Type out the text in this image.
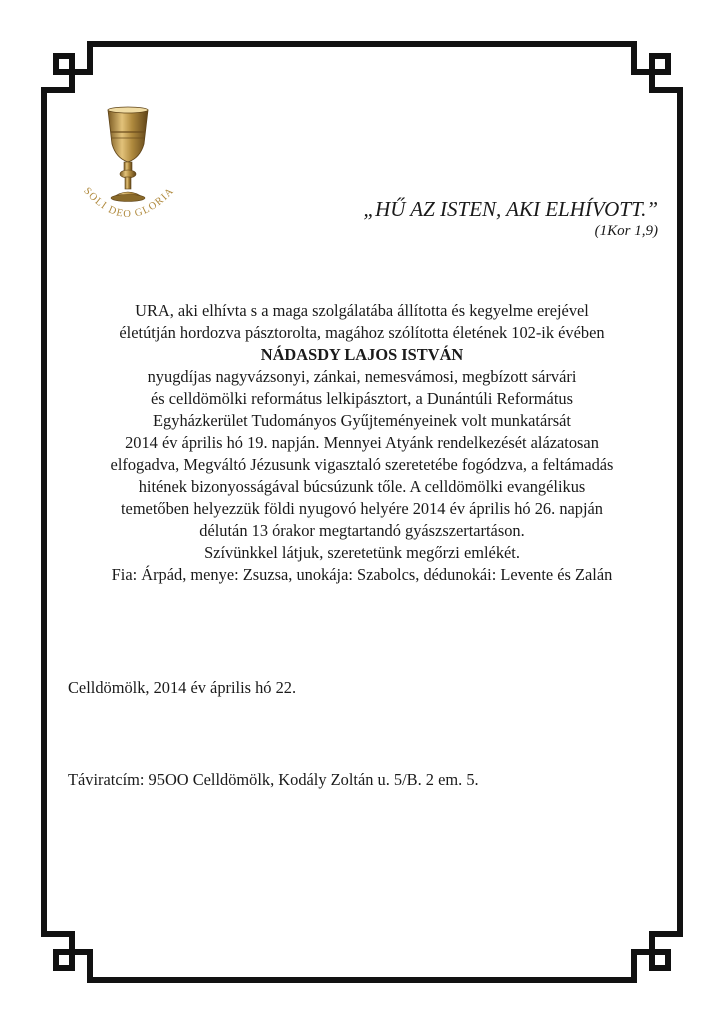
SOLI DEO GLORIA
„HŰ AZ ISTEN, AKI ELHÍVOTT.”
(1Kor 1,9)
URA, aki elhívta s a maga szolgálatába állította és kegyelme erejével
életútján hordozva pásztorolta, magához szólította életének 102-ik évében
NÁDASDY LAJOS ISTVÁN
nyugdíjas nagyvázsonyi, zánkai, nemesvámosi, megbízott sárvári
és celldömölki református lelkipásztort, a Dunántúli Református
Egyházkerület Tudományos Gyűjteményeinek volt munkatársát
2014 év április hó 19. napján. Mennyei Atyánk rendelkezését alázatosan
elfogadva, Megváltó Jézusunk vigasztaló szeretetébe fogódzva, a feltámadás
hitének bizonyosságával búcsúzunk tőle. A celldömölki evangélikus
temetőben helyezzük földi nyugovó helyére 2014 év április hó 26. napján
délután 13 órakor megtartandó gyászszertartáson.
Szívünkkel látjuk, szeretetünk megőrzi emlékét.
Fia: Árpád, menye: Zsuzsa, unokája: Szabolcs, dédunokái: Levente és Zalán
Celldömölk, 2014 év április hó 22.
Táviratcím: 95OO Celldömölk, Kodály Zoltán u. 5/B. 2 em. 5.
